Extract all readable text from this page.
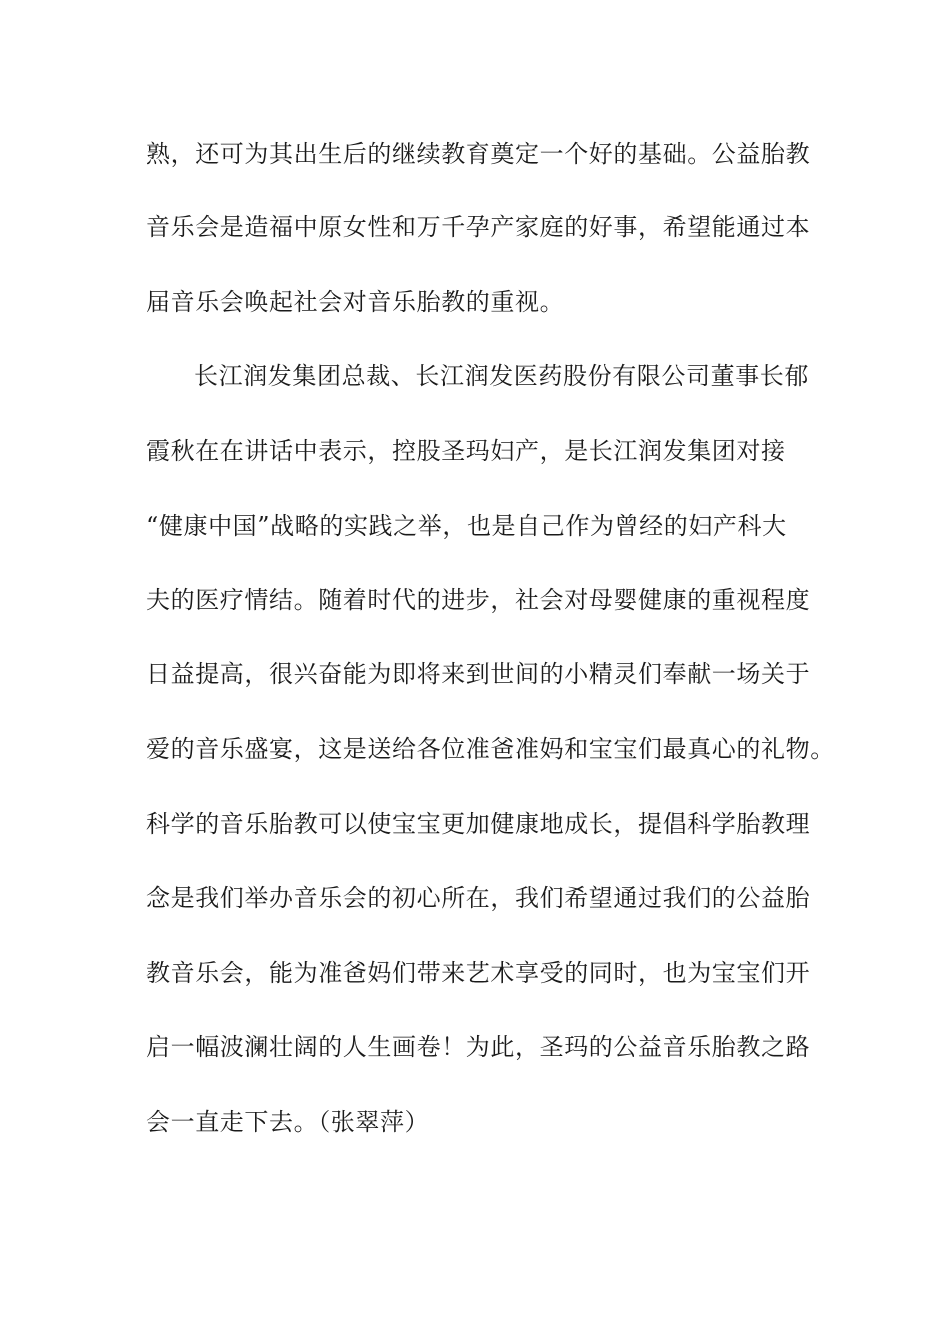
熟，还可为其出生后的继续教育奠定一个好的基础。公益胎教
音乐会是造福中原女性和万千孕产家庭的好事，希望能通过本
届音乐会唤起社会对音乐胎教的重视。
长江润发集团总裁、长江润发医药股份有限公司董事长郁
霞秋在在讲话中表示，控股圣玛妇产，是长江润发集团对接
“健康中国”战略的实践之举，也是自己作为曾经的妇产科大
夫的医疗情结。随着时代的进步，社会对母婴健康的重视程度
日益提高，很兴奋能为即将来到世间的小精灵们奉献一场关于
爱的音乐盛宴，这是送给各位准爸准妈和宝宝们最真心的礼物。
科学的音乐胎教可以使宝宝更加健康地成长，提倡科学胎教理
念是我们举办音乐会的初心所在，我们希望通过我们的公益胎
教音乐会，能为准爸妈们带来艺术享受的同时，也为宝宝们开
启一幅波澜壮阔的人生画卷！为此，圣玛的公益音乐胎教之路
会一直走下去。（张翠萍）
